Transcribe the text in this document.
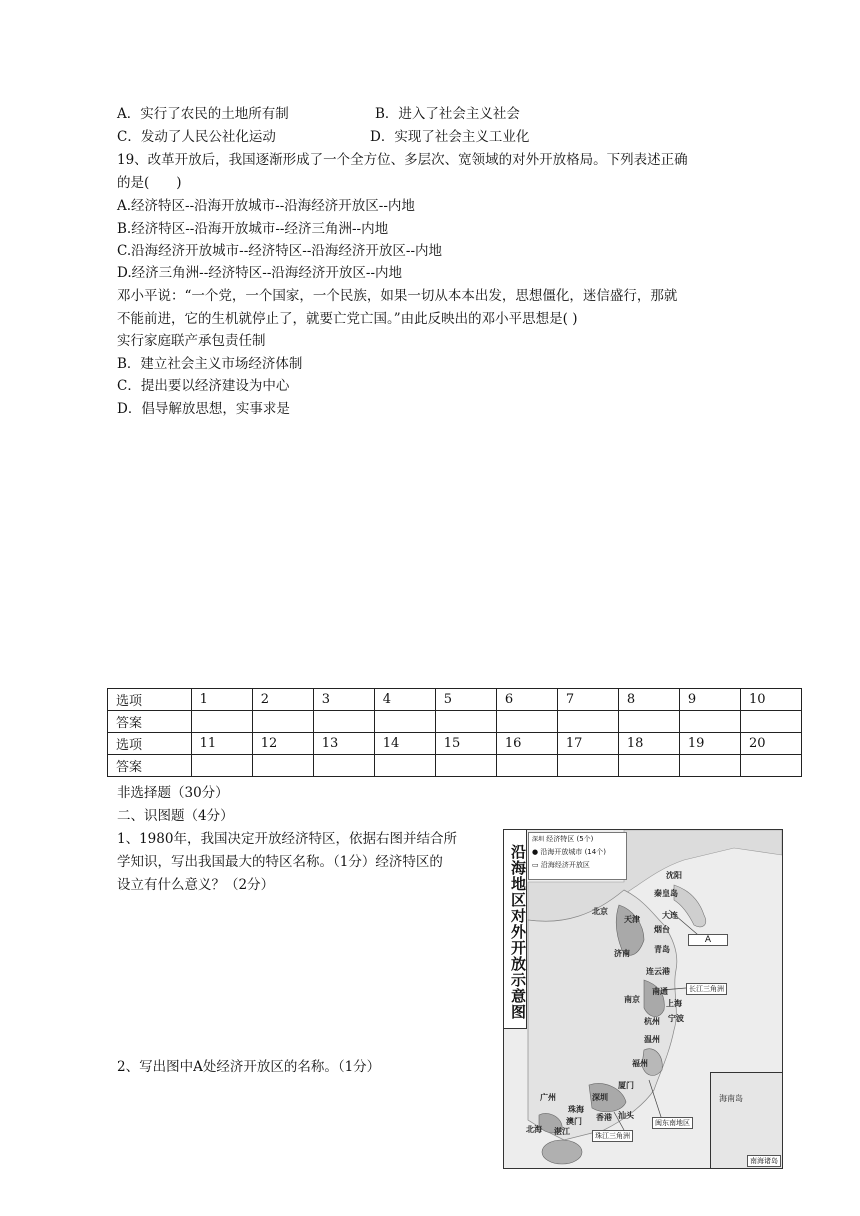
A．实行了农民的土地所有制	B．进入了社会主义社会
C．发动了人民公社化运动	D．实现了社会主义工业化
19、改革开放后，我国逐渐形成了一个全方位、多层次、宽领域的对外开放格局。下列表述正确
的是(　　)
A.经济特区--沿海开放城市--沿海经济开放区--内地
B.经济特区--沿海开放城市--经济三角洲--内地
C.沿海经济开放城市--经济特区--沿海经济开放区--内地
D.经济三角洲--经济特区--沿海经济开放区--内地
邓小平说：“一个党，一个国家，一个民族，如果一切从本本出发，思想僵化，迷信盛行，那就
不能前进，它的生机就停止了，就要亡党亡国。”由此反映出的邓小平思想是( )
实行家庭联产承包责任制
B．建立社会主义市场经济体制
C．提出要以经济建设为中心
D．倡导解放思想，实事求是
选项	1	2	3	4	5	6	7	8	9	10
答案										
选项	11	12	13	14	15	16	17	18	19	20
答案										
非选择题（30分）
二、识图题（4分）
1、1980年，我国决定开放经济特区，依据右图并结合所
学知识，写出我国最大的特区名称。（1分）经济特区的
设立有什么意义？（2分）
2、写出图中A处经济开放区的名称。（1分）
沿海地区对外开放示意图
深圳 经济特区 (5个)
● 沿海开放城市 (14个)
▭ 沿海经济开放区
沈阳
秦皇岛
北京
天津	大连
烟台
济南	青岛
连云港
南通
南京	上海
杭州 宁波
温州
福州
厦门
汕头
广州	深圳
珠海
香港
澳门
北海 湛江
A
长江三角洲
闽东南地区
珠江三角洲
海南岛
南海诸岛
